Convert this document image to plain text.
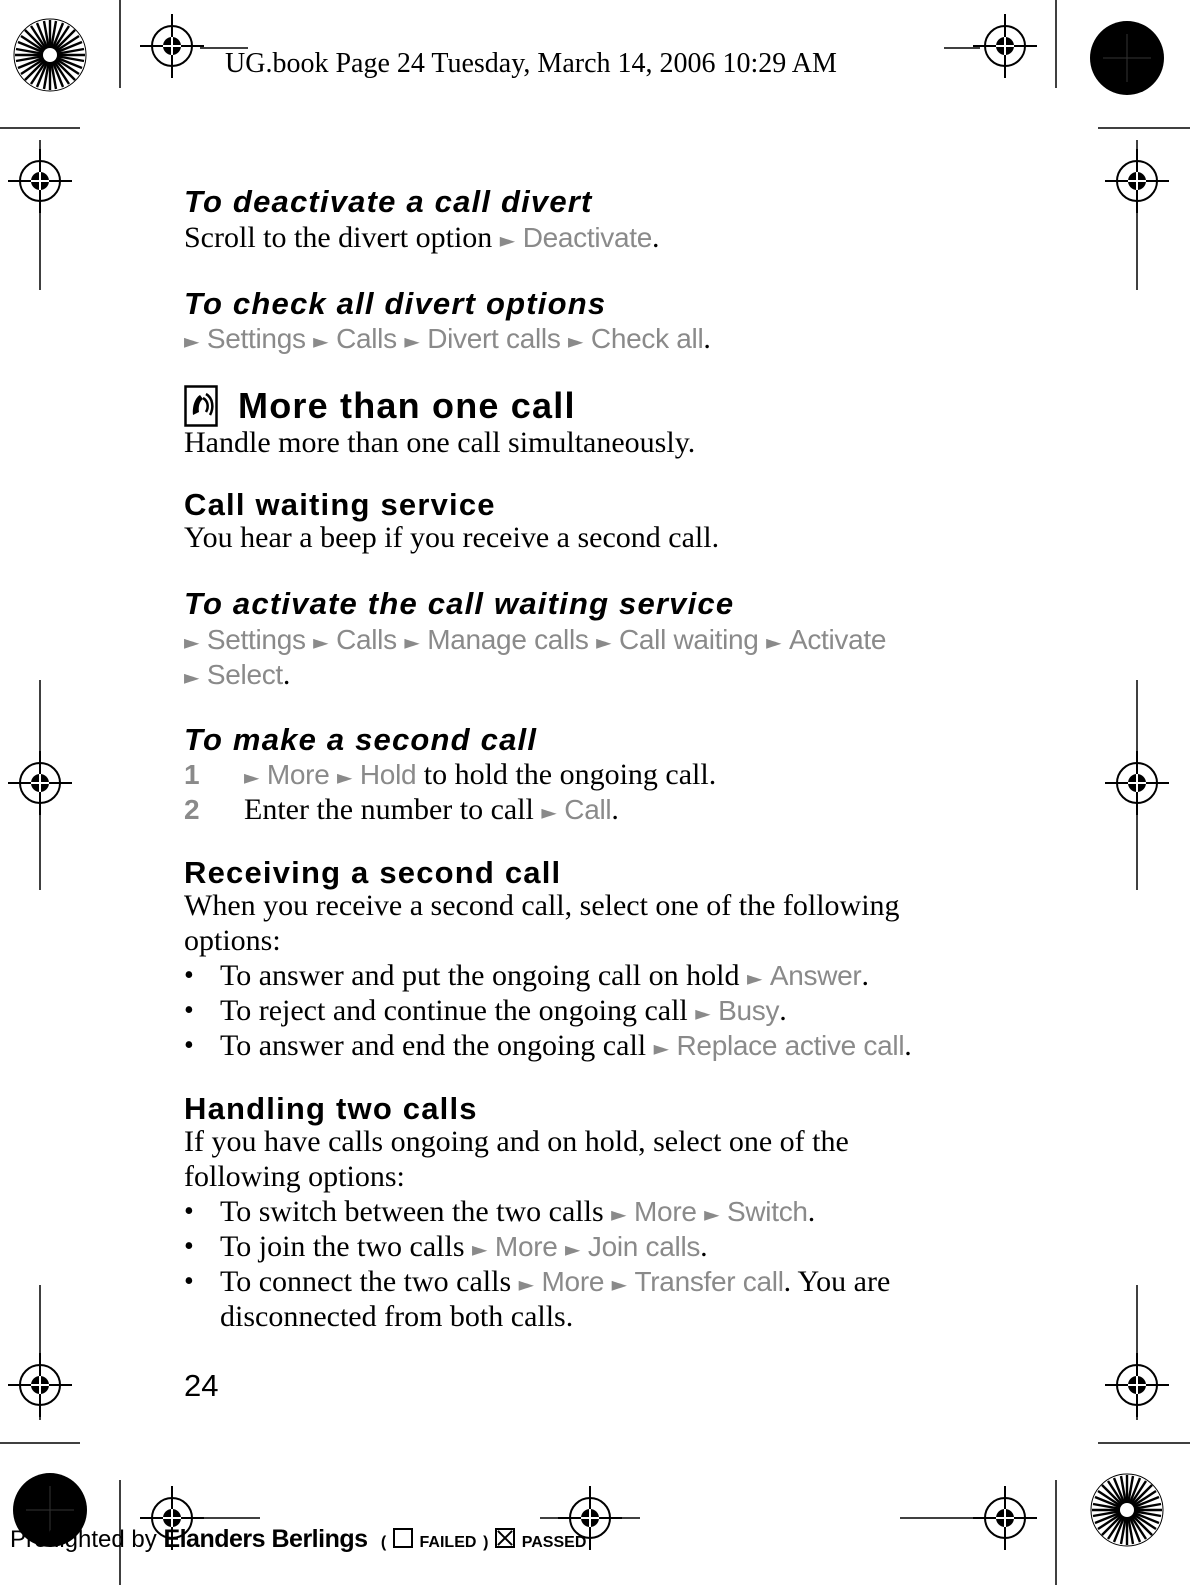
UG.book Page 24 Tuesday, March 14, 2006 10:29 AM
To deactivate a call divert
Scroll to the divert option ► Deactivate.
To check all divert options
► Settings ► Calls ► Divert calls ► Check all.
More than one call
Handle more than one call simultaneously.
Call waiting service
You hear a beep if you receive a second call.
To activate the call waiting service
► Settings ► Calls ► Manage calls ► Call waiting ► Activate
► Select.
To make a second call
1 ► More ► Hold to hold the ongoing call.
2 Enter the number to call ► Call.
Receiving a second call
When you receive a second call, select one of the following
options:
• To answer and put the ongoing call on hold ► Answer.
• To reject and continue the ongoing call ► Busy.
• To answer and end the ongoing call ► Replace active call.
Handling two calls
If you have calls ongoing and on hold, select one of the
following options:
• To switch between the two calls ► More ► Switch.
• To join the two calls ► More ► Join calls.
• To connect the two calls ► More ► Transfer call. You are
disconnected from both calls.
24
Preflighted by Elanders Berlings ( FAILED ) PASSED
